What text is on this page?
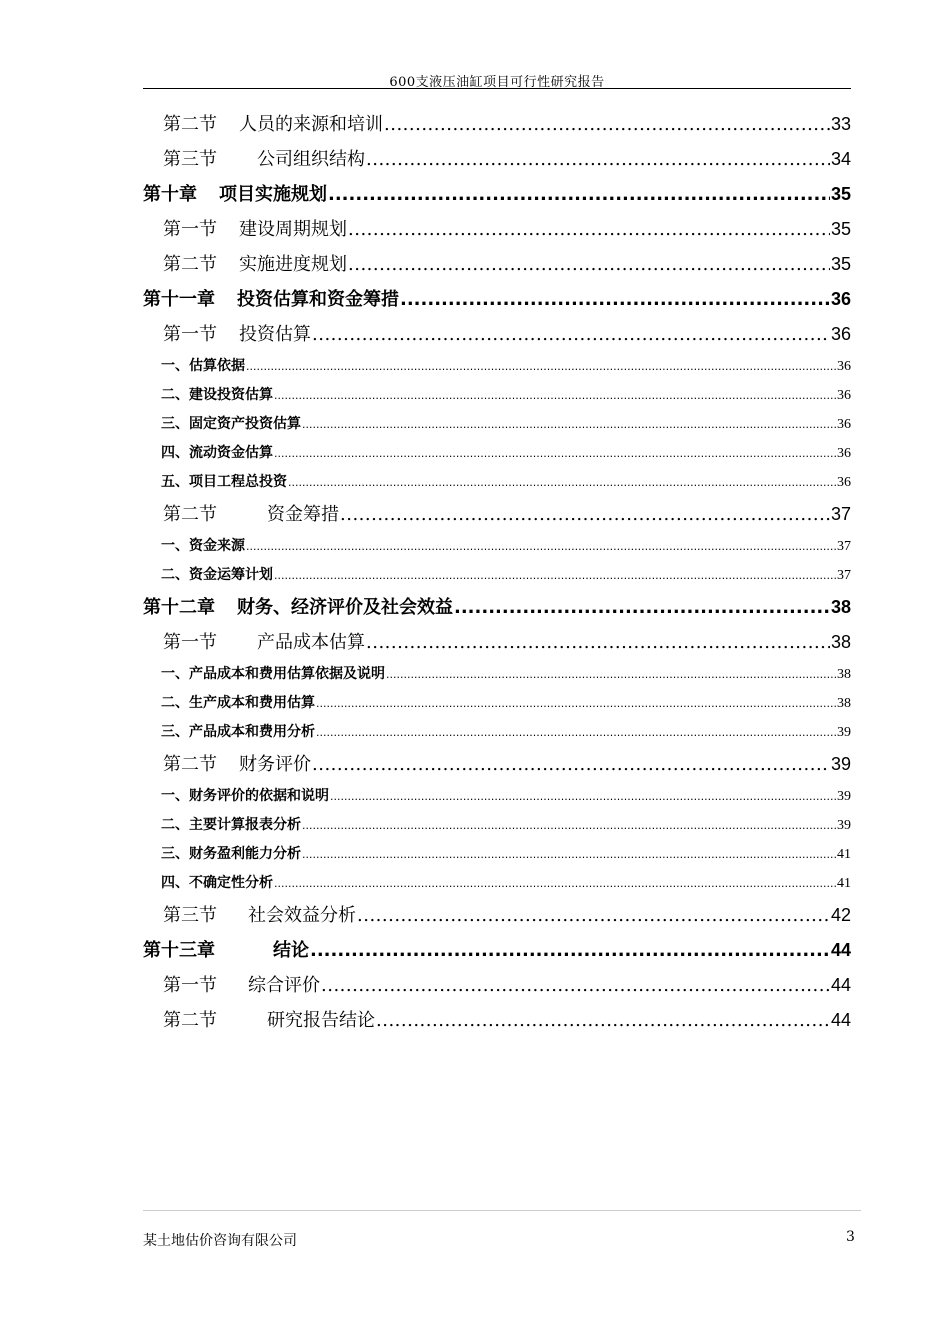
600支液压油缸项目可行性研究报告
第二节 人员的来源和培训 .....	33
第三节 公司组织结构 .....	34
第十章 项目实施规划 .....	35
第一节 建设周期规划 .....	35
第二节 实施进度规划 .....	35
第十一章 投资估算和资金筹措 .....	36
第一节 投资估算 .....	36
一、估算依据 .....	36
二、建设投资估算 .....	36
三、固定资产投资估算 .....	36
四、流动资金估算 .....	36
五、项目工程总投资 .....	36
第二节	资金筹措 .....	37
一、资金来源 .....	37
二、资金运筹计划 .....	37
第十二章 财务、经济评价及社会效益 .....	38
第一节 产品成本估算 .....	38
一、产品成本和费用估算依据及说明 .....	38
二、生产成本和费用估算 .....	38
三、产品成本和费用分析 .....	39
第二节 财务评价 .....	39
一、财务评价的依据和说明 .....	39
二、主要计算报表分析 .....	39
三、财务盈利能力分析 .....	41
四、不确定性分析 .....	41
第三节 社会效益分析 .....	42
第十三章	结论 .....	44
第一节 综合评价 .....	44
第二节	研究报告结论 .....	44
某土地估价咨询有限公司	3
